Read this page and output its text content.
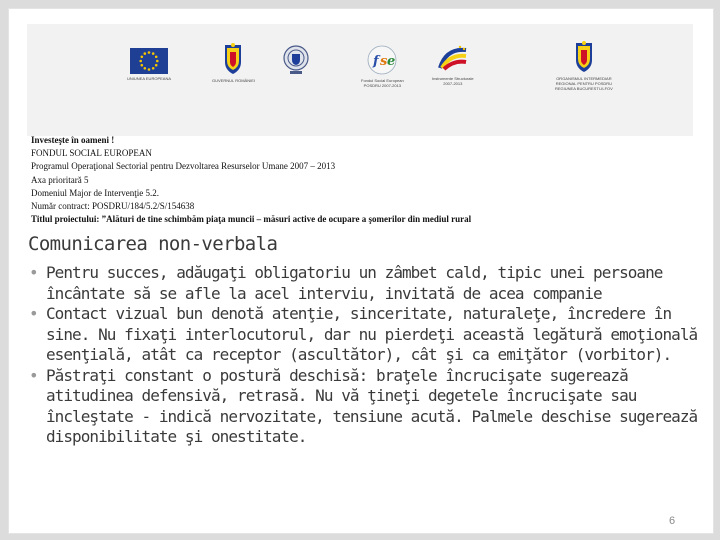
UNIUNEA EUROPEANA	GUVERNUL ROMÂNIEI
f s e
Fondul Social European
POSDRU 2007-2013
Instrumente Structurale
2007-2013
ORGANISMUL INTERMEDIAR
REGIONAL PENTRU POSDRU
REGIUNEA BUCURESTI-ILFOV
Investeşte în oameni !
FONDUL SOCIAL EUROPEAN
Programul Operaţional Sectorial pentru Dezvoltarea Resurselor Umane 2007 – 2013
Axa prioritară 5
Domeniul Major de Intervenţie 5.2.
Număr contract: POSDRU/184/5.2/S/154638
Titlul proiectului: ”Alături de tine schimbăm piaţa muncii – măsuri active de ocupare a şomerilor din mediul rural
Comunicarea non-verbala
• Pentru succes, adăugaţi obligatoriu un zâmbet cald, tipic unei persoane încântate să se afle la acel interviu, invitată de acea companie
• Contact vizual bun denotă atenţie, sinceritate, naturaleţe, încredere în sine. Nu fixaţi interlocutorul, dar nu pierdeţi această legătură emoţională esenţială, atât ca receptor (ascultător), cât şi ca emiţător (vorbitor).
• Păstraţi constant o postură deschisă: braţele încrucişate sugerează atitudinea defensivă, retrasă. Nu vă ţineţi degetele încrucişate sau încleştate - indică nervozitate, tensiune acută. Palmele deschise sugerează disponibilitate şi onestitate.
6
